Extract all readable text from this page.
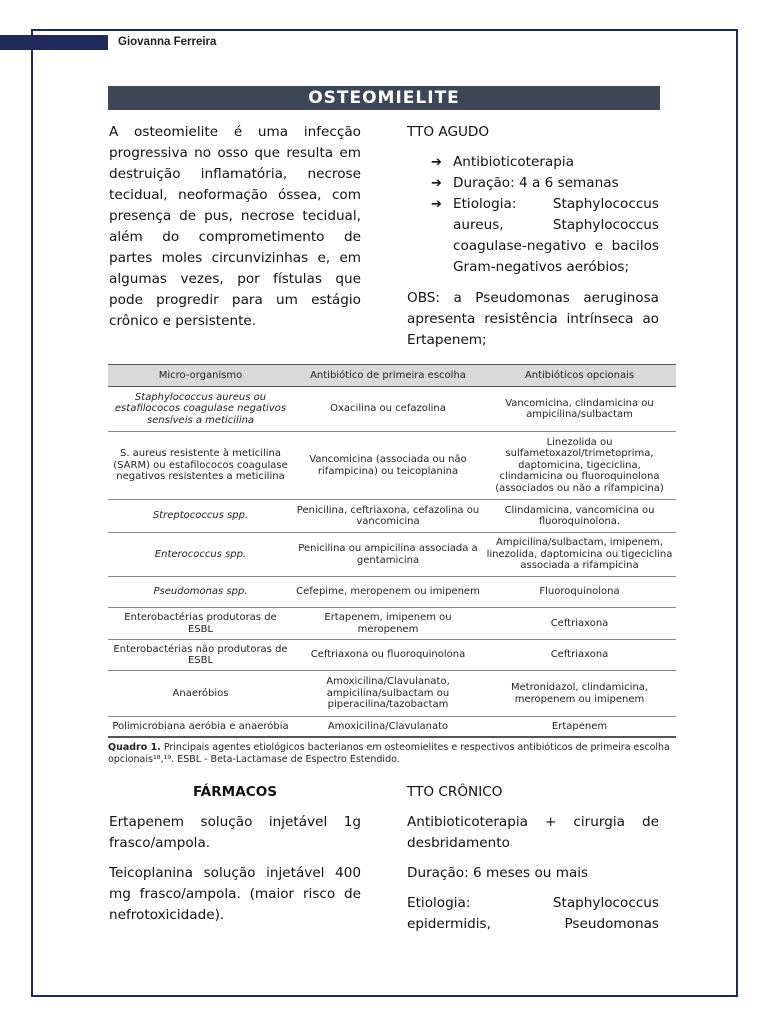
Giovanna Ferreira
OSTEOMIELITE
A osteomielite é uma infecção progressiva no osso que resulta em destruição inflamatória, necrose tecidual, neoformação óssea, com presença de pus, necrose tecidual, além do comprometimento de partes moles circunvizinhas e, em algumas vezes, por fístulas que pode progredir para um estágio crônico e persistente.
TTO AGUDO
➔ Antibioticoterapia
➔ Duração: 4 a 6 semanas
➔ Etiologia: Staphylococcus aureus, Staphylococcus coagulase-negativo e bacilos Gram-negativos aeróbios;
OBS: a Pseudomonas aeruginosa apresenta resistência intrínseca ao Ertapenem;
Micro-organismo	Antibiótico de primeira escolha	Antibióticos opcionais
Staphylococcus aureus ou estafilococos coagulase negativos sensíveis a meticilina	Oxacilina ou cefazolina	Vancomicina, clindamicina ou ampicilina/sulbactam
S. aureus resistente à meticilina (SARM) ou estafilococos coagulase negativos resistentes a meticilina	Vancomicina (associada ou não rifampicina) ou teicoplanina	Linezolida ou sulfametoxazol/trimetoprima, daptomicina, tigeciclina, clindamicina ou fluoroquinolona (associados ou não a rifampicina)
Streptococcus spp.	Penicilina, ceftriaxona, cefazolina ou vancomicina	Clindamicina, vancomicina ou fluoroquinolona.
Enterococcus spp.	Penicilina ou ampicilina associada a gentamicina	Ampicilina/sulbactam, imipenem, linezolida, daptomicina ou tigeciclina associada a rifampicina
Pseudomonas spp.	Cefepime, meropenem ou imipenem	Fluoroquinolona
Enterobactérias produtoras de ESBL	Ertapenem, imipenem ou meropenem	Ceftriaxona
Enterobactérias não produtoras de ESBL	Ceftriaxona ou fluoroquinolona	Ceftriaxona
Anaeróbios	Amoxicilina/Clavulanato, ampicilina/sulbactam ou piperacilina/tazobactam	Metronidazol, clindamicina, meropenem ou imipenem
Polimicrobiana aeróbia e anaeróbia	Amoxicilina/Clavulanato	Ertapenem
Quadro 1. Principais agentes etiológicos bacterianos em osteomielites e respectivos antibióticos de primeira escolha
opcionais¹⁸,¹⁹. ESBL - Beta-Lactamase de Espectro Estendido.
FÁRMACOS

Ertapenem solução injetável 1g frasco/ampola.

Teicoplanina solução injetável 400 mg frasco/ampola. (maior risco de nefrotoxicidade).

TTO CRÔNICO

Antibioticoterapia + cirurgia de desbridamento

Duração: 6 meses ou mais

Etiologia: Staphylococcus epidermidis, Pseudomonas
